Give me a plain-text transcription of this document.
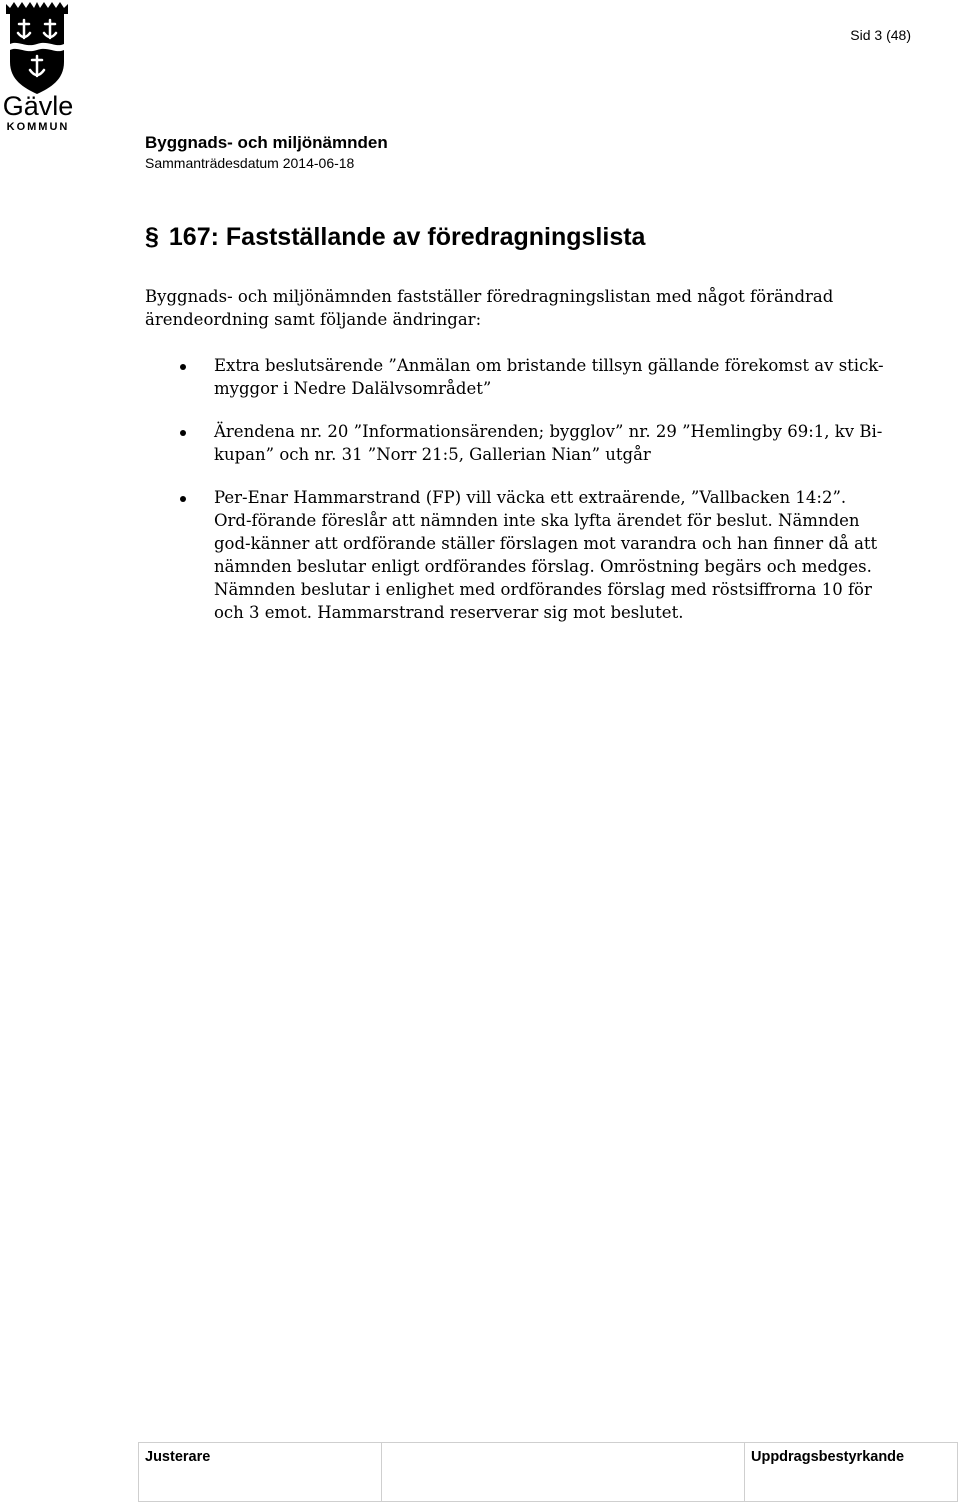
Gävle
KOMMUN
Sid 3 (48)
Byggnads- och miljönämnden
Sammanträdesdatum 2014-06-18
§ 167: Fastställande av föredragningslista

Byggnads- och miljönämnden fastställer föredragningslistan med något förändrad ärendeordning samt följande ändringar:

Extra beslutsärende ”Anmälan om bristande tillsyn gällande förekomst av stick-myggor i Nedre Dalälvsområdet”
Ärendena nr. 20 ”Informationsärenden; bygglov” nr. 29 ”Hemlingby 69:1, kv Bi-kupan” och nr. 31 ”Norr 21:5, Gallerian Nian” utgår
Per-Enar Hammarstrand (FP) vill väcka ett extraärende, ”Vallbacken 14:2”. Ord-förande föreslår att nämnden inte ska lyfta ärendet för beslut. Nämnden god-känner att ordförande ställer förslagen mot varandra och han finner då att nämnden beslutar enligt ordförandes förslag. Omröstning begärs och medges. Nämnden beslutar i enlighet med ordförandes förslag med röstsiffrorna 10 för och 3 emot. Hammarstrand reserverar sig mot beslutet.
Justerare		Uppdragsbestyrkande
